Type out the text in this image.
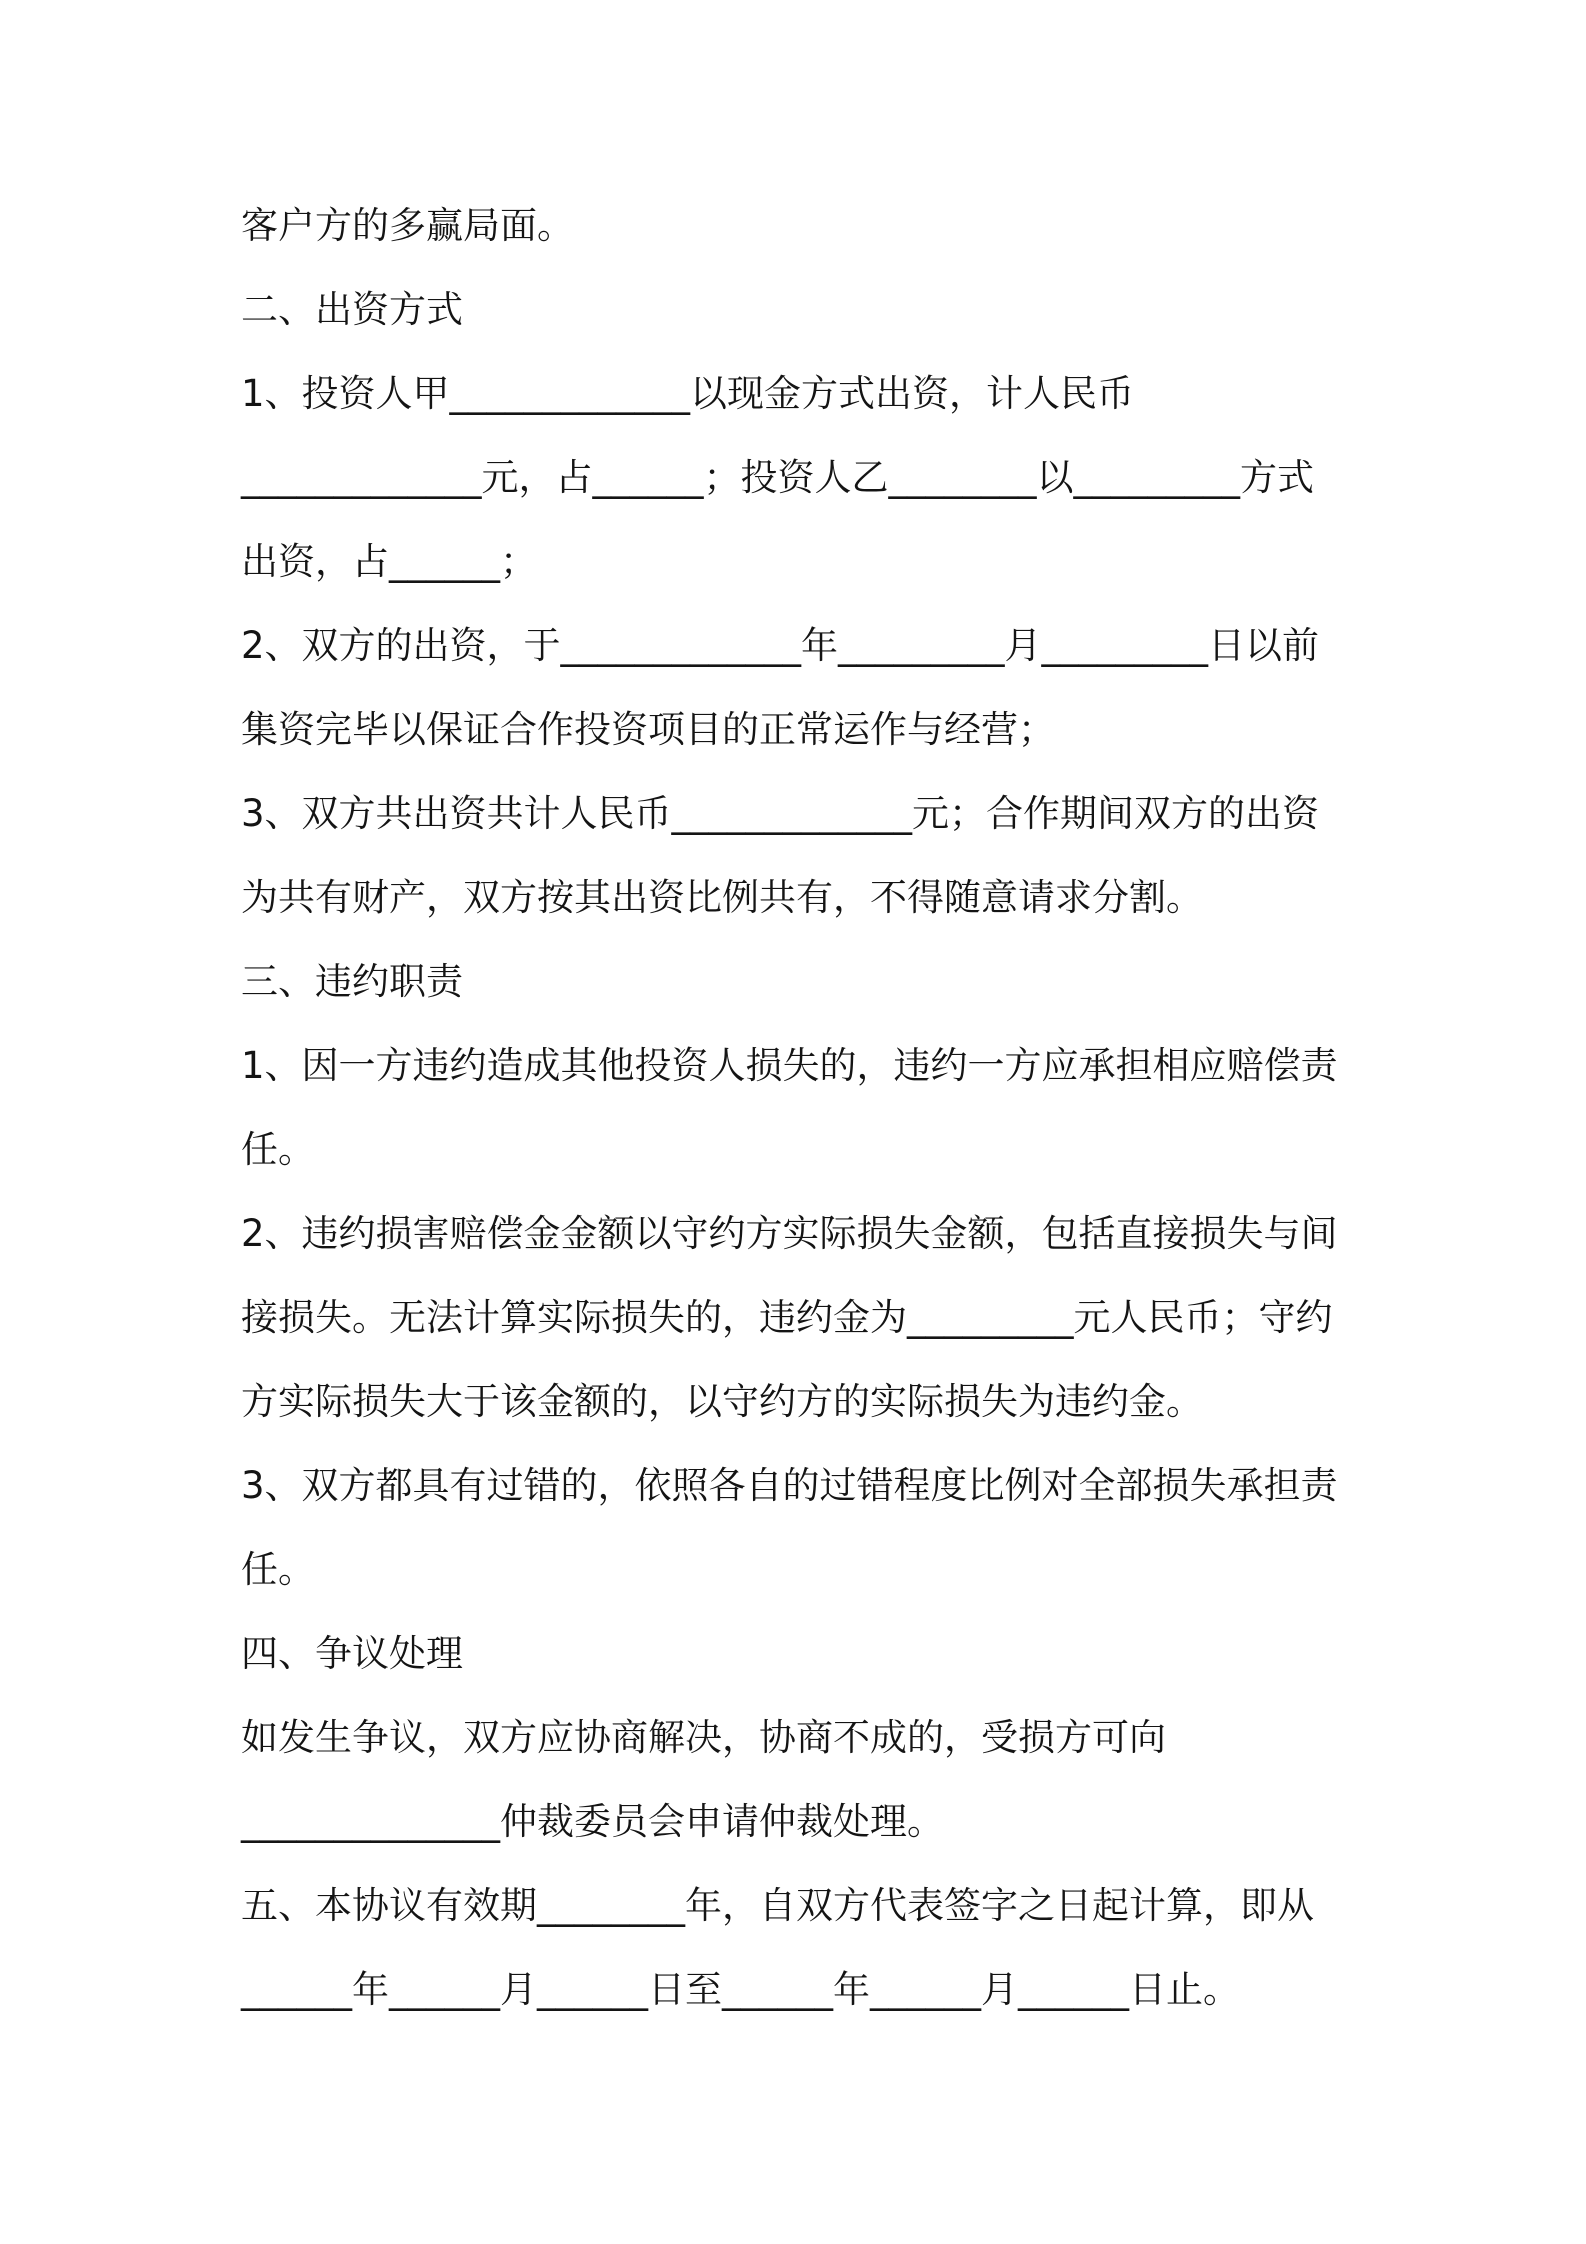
客户方的多赢局面。

二、出资方式

1、投资人甲_____________以现金方式出资，计人民币

_____________元，占______；投资人乙________以_________方式

出资，占______；

2、双方的出资，于_____________年_________月_________日以前

集资完毕以保证合作投资项目的正常运作与经营；

3、双方共出资共计人民币_____________元；合作期间双方的出资

为共有财产，双方按其出资比例共有，不得随意请求分割。

三、违约职责

1、因一方违约造成其他投资人损失的，违约一方应承担相应赔偿责

任。

2、违约损害赔偿金金额以守约方实际损失金额，包括直接损失与间

接损失。无法计算实际损失的，违约金为_________元人民币；守约

方实际损失大于该金额的，以守约方的实际损失为违约金。

3、双方都具有过错的，依照各自的过错程度比例对全部损失承担责

任。

四、争议处理

如发生争议，双方应协商解决，协商不成的，受损方可向

______________仲裁委员会申请仲裁处理。

五、本协议有效期________年，自双方代表签字之日起计算，即从

______年______月______日至______年______月______日止。
